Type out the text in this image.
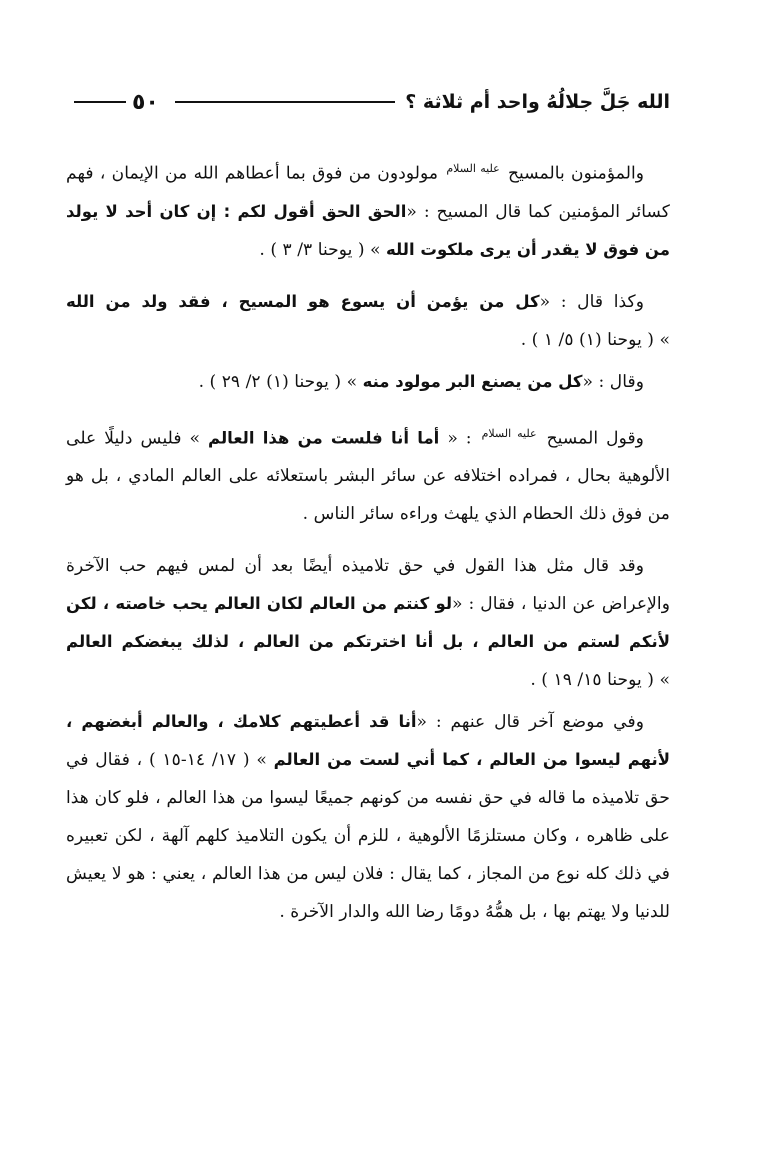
الله جَلَّ جلالُهُ واحد أم ثلاثة ؟
٥٠

والمؤمنون بالمسيح $^{عليه السلام}$ مولودون من فوق بما أعطاهم الله من الإيمان ، فهم كسائر المؤمنين كما قال المسيح : «الحق الحق أقول لكم : إن كان أحد لا يولد من فوق لا يقدر أن يرى ملكوت الله » ( يوحنا ٣/ ٣ ) .

وكذا قال : «كل من يؤمن أن يسوع هو المسيح ، فقد ولد من الله » ( يوحنا (١) ٥/ ١ ) .

وقال : «كل من يصنع البر مولود منه » ( يوحنا (١) ٢/ ٢٩ ) .

وقول المسيح $^{عليه السلام}$ : « أما أنا فلست من هذا العالم » فليس دليلًا على الألوهية بحال ، فمراده اختلافه عن سائر البشر باستعلائه على العالم المادي ، بل هو من فوق ذلك الحطام الذي يلهث وراءه سائر الناس .

وقد قال مثل هذا القول في حق تلاميذه أيضًا بعد أن لمس فيهم حب الآخرة والإعراض عن الدنيا ، فقال : «لو كنتم من العالم لكان العالم يحب خاصته ، لكن لأنكم لستم من العالم ، بل أنا اخترتكم من العالم ، لذلك يبغضكم العالم » ( يوحنا ١٥/ ١٩ ) .

وفي موضع آخر قال عنهم : «أنا قد أعطيتهم كلامك ، والعالم أبغضهم ، لأنهم ليسوا من العالم ، كما أني لست من العالم » ( ١٧/ ١٤-١٥ ) ، فقال في حق تلاميذه ما قاله في حق نفسه من كونهم جميعًا ليسوا من هذا العالم ، فلو كان هذا على ظاهره ، وكان مستلزمًا الألوهية ، للزم أن يكون التلاميذ كلهم آلهة ، لكن تعبيره في ذلك كله نوع من المجاز ، كما يقال : فلان ليس من هذا العالم ، يعني : هو لا يعيش للدنيا ولا يهتم بها ، بل همُّهُ دومًا رضا الله والدار الآخرة .
